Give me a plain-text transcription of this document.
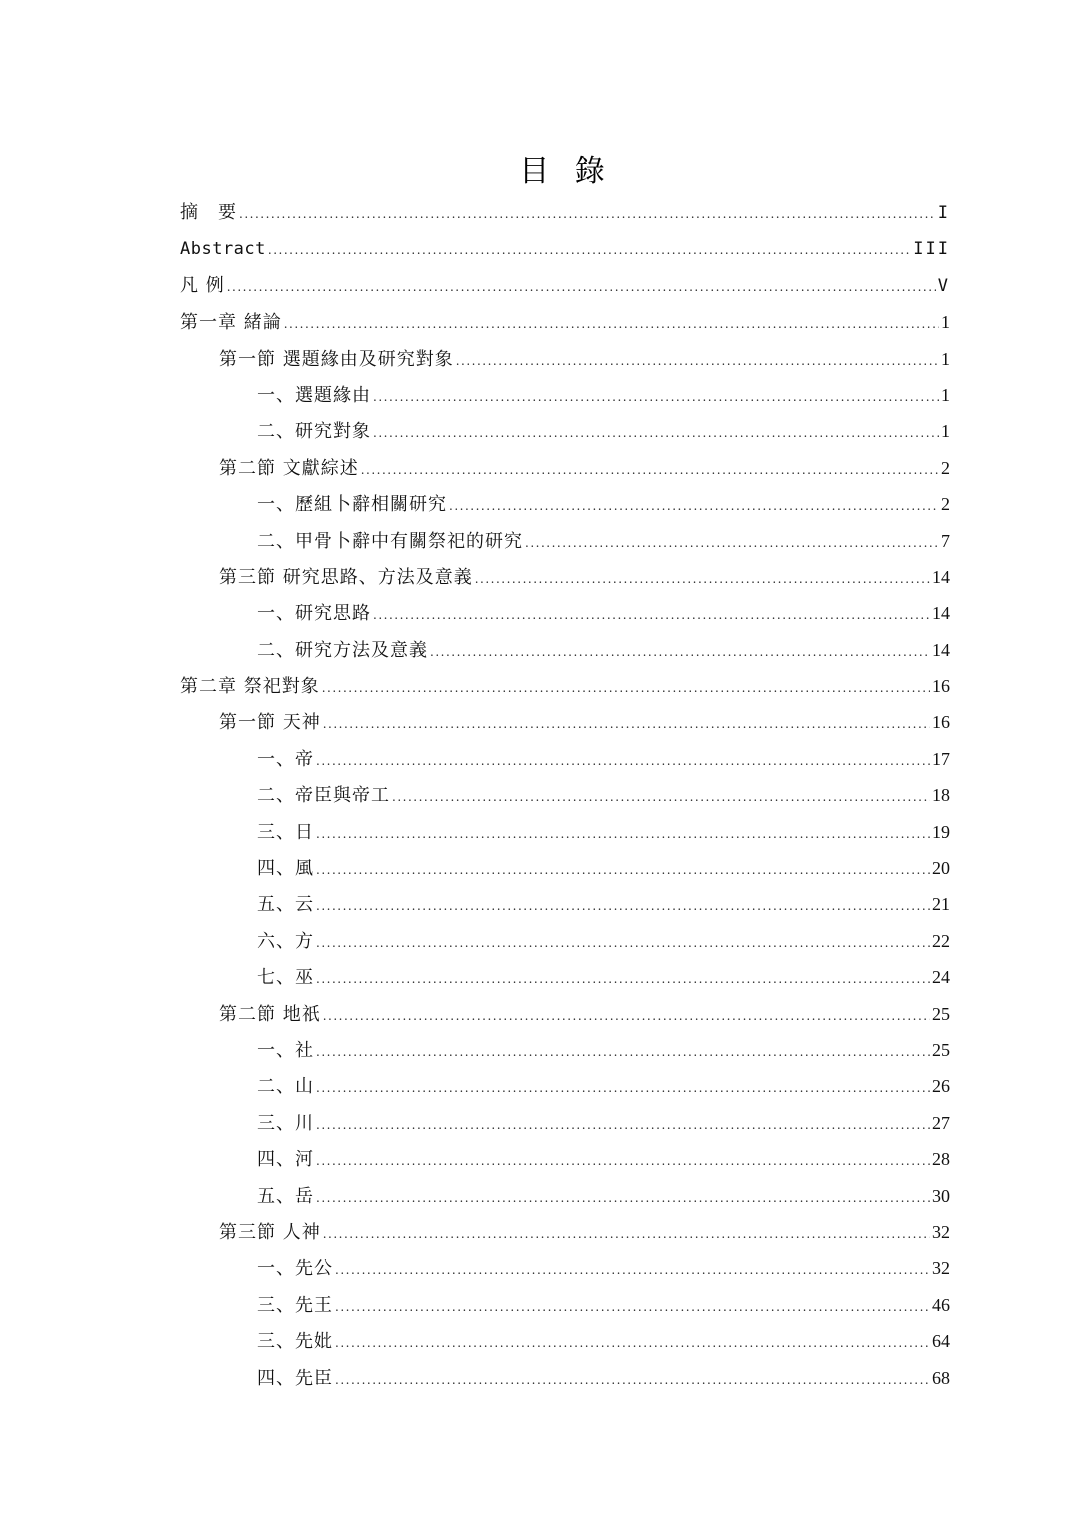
目 錄
摘　要 .....	I
Abstract .....	III
凡 例 .....	V
第一章 緒論 .....	1
第一節 選題緣由及研究對象 .....	1
一、選題緣由 .....	1
二、研究對象 .....	1
第二節 文獻綜述 .....	2
一、歷組卜辭相關研究 .....	2
二、甲骨卜辭中有關祭祀的研究 .....	7
第三節 研究思路、方法及意義 .....	14
一、研究思路 .....	14
二、研究方法及意義 .....	14
第二章 祭祀對象 .....	16
第一節 天神 .....	16
一、帝 .....	17
二、帝臣與帝工 .....	18
三、日 .....	19
四、風 .....	20
五、云 .....	21
六、方 .....	22
七、巫 .....	24
第二節 地祇 .....	25
一、社 .....	25
二、山 .....	26
三、川 .....	27
四、河 .....	28
五、岳 .....	30
第三節 人神 .....	32
一、先公 .....	32
三、先王 .....	46
三、先妣 .....	64
四、先臣 .....	68
